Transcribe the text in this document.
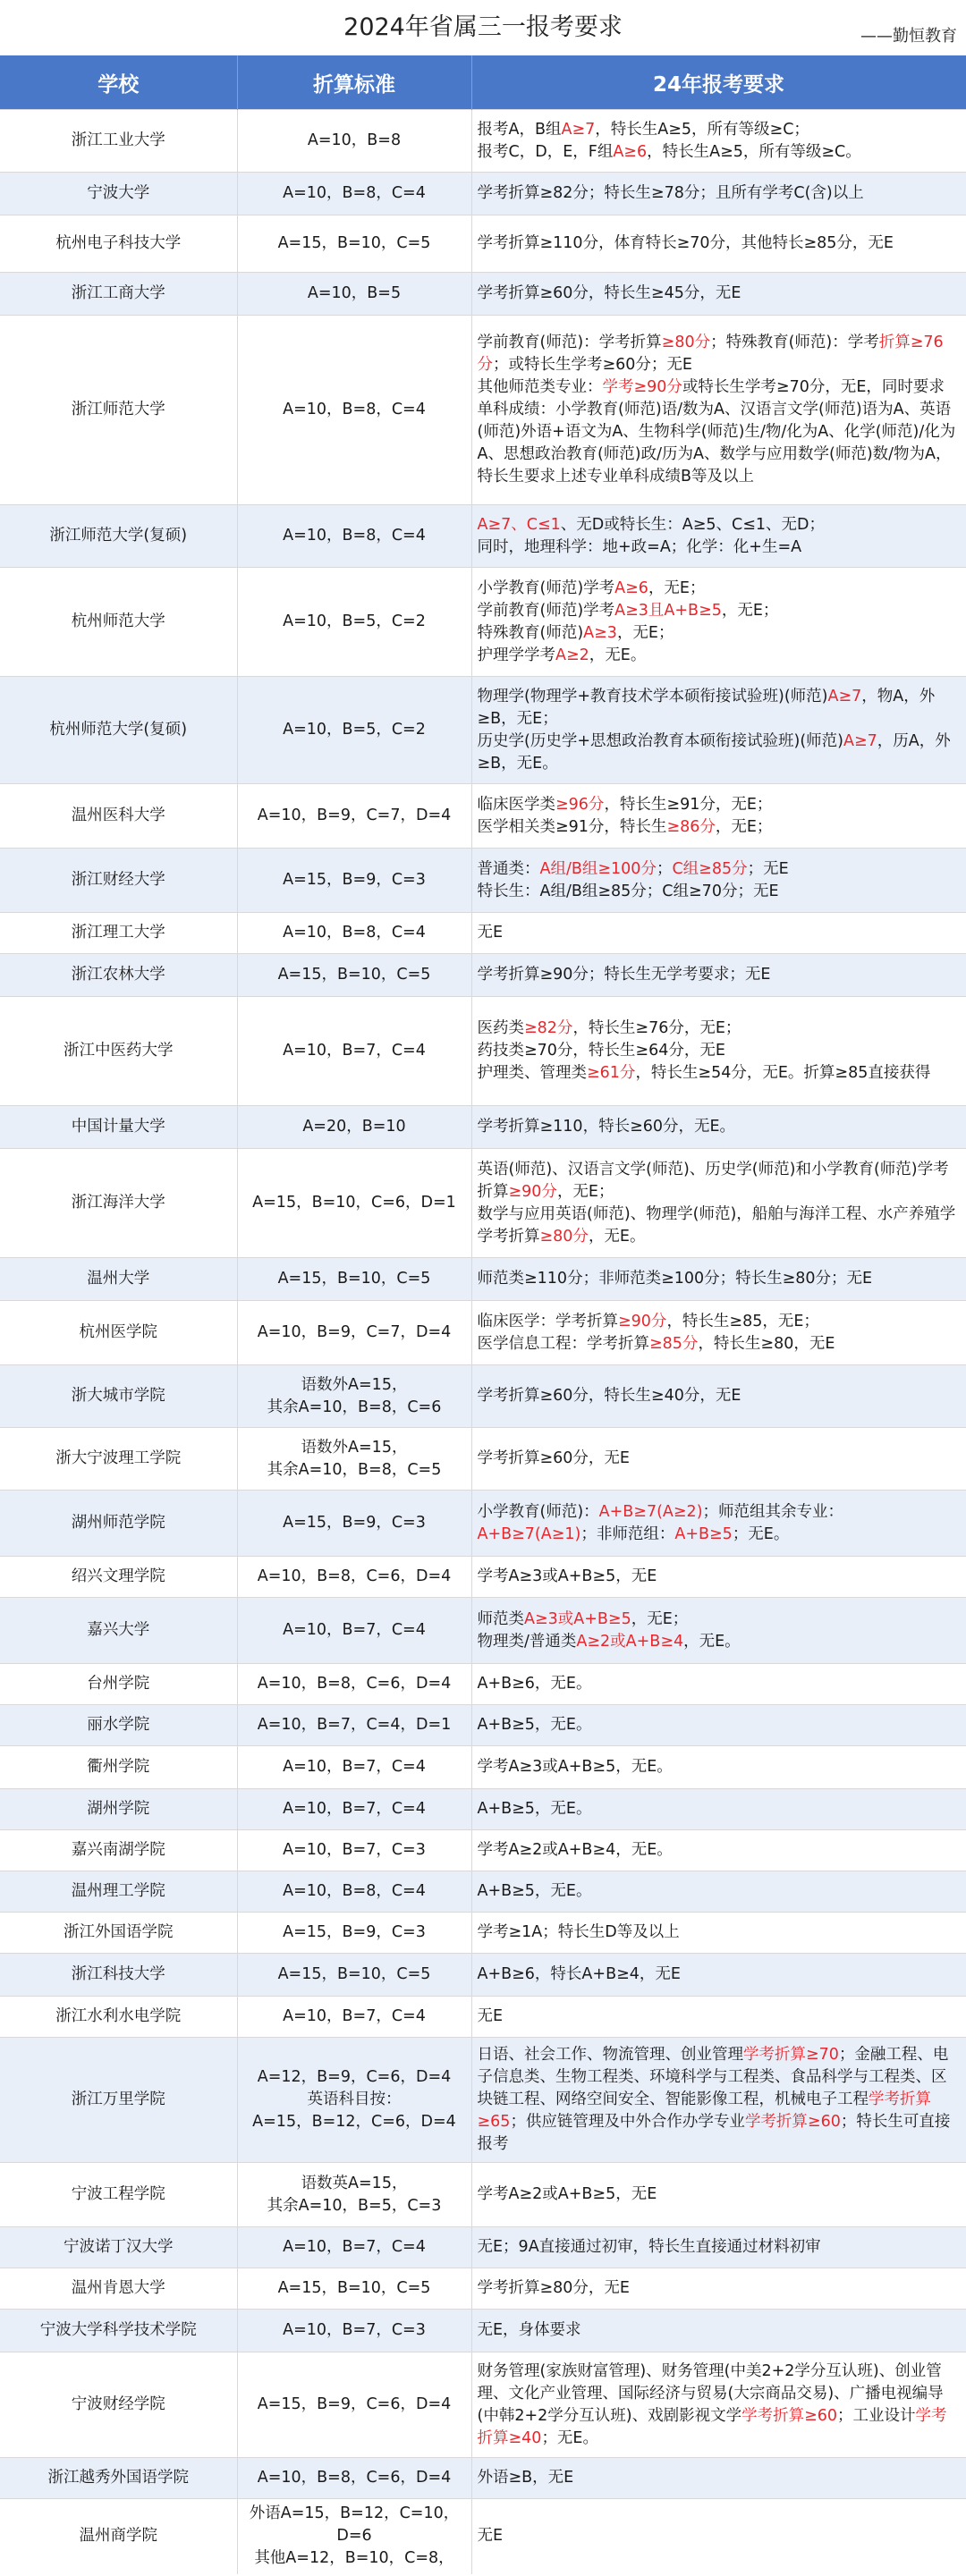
2024年省属三一报考要求	——勤恒教育
学校	折算标准	24年报考要求
浙江工业大学	A=10，B=8	报考A，B组A≥7，特长生A≥5，所有等级≥C；
报考C，D，E，F组A≥6，特长生A≥5，所有等级≥C。

宁波大学	A=10，B=8，C=4	学考折算≥82分；特长生≥78分；且所有学考C(含)以上

杭州电子科技大学	A=15，B=10，C=5	学考折算≥110分，体育特长≥70分，其他特长≥85分，无E

浙江工商大学	A=10，B=5	学考折算≥60分，特长生≥45分，无E

浙江师范大学	A=10，B=8，C=4	学前教育(师范)：学考折算≥80分；特殊教育(师范)：学考折算≥76分；或特长生学考≥60分；无E
其他师范类专业：学考≥90分或特长生学考≥70分，无E，同时要求单科成绩：小学教育(师范)语/数为A、汉语言文学(师范)语为A、英语(师范)外语+语文为A、生物科学(师范)生/物/化为A、化学(师范)/化为A、思想政治教育(师范)政/历为A、数学与应用数学(师范)数/物为A，特长生要求上述专业单科成绩B等及以上

浙江师范大学(复硕)	A=10，B=8，C=4	A≥7、C≤1、无D或特长生：A≥5、C≤1、无D；
同时，地理科学：地+政=A；化学：化+生=A

杭州师范大学	A=10，B=5，C=2	小学教育(师范)学考A≥6，无E；
学前教育(师范)学考A≥3且A+B≥5，无E；
特殊教育(师范)A≥3，无E；
护理学学考A≥2，无E。

杭州师范大学(复硕)	A=10，B=5，C=2	物理学(物理学+教育技术学本硕衔接试验班)(师范)A≥7，物A，外≥B，无E；
历史学(历史学+思想政治教育本硕衔接试验班)(师范)A≥7，历A，外≥B，无E。

温州医科大学	A=10，B=9，C=7，D=4	临床医学类≥96分，特长生≥91分，无E；
医学相关类≥91分，特长生≥86分，无E；

浙江财经大学	A=15，B=9，C=3	普通类：A组/B组≥100分；C组≥85分；无E
特长生：A组/B组≥85分；C组≥70分；无E

浙江理工大学	A=10，B=8，C=4	无E

浙江农林大学	A=15，B=10，C=5	学考折算≥90分；特长生无学考要求；无E

浙江中医药大学	A=10，B=7，C=4	医药类≥82分，特长生≥76分，无E；
药技类≥70分，特长生≥64分，无E
护理类、管理类≥61分，特长生≥54分，无E。折算≥85直接获得

中国计量大学	A=20，B=10	学考折算≥110，特长≥60分，无E。

浙江海洋大学	A=15，B=10，C=6，D=1	英语(师范)、汉语言文学(师范)、历史学(师范)和小学教育(师范)学考折算≥90分，无E；
数学与应用英语(师范)、物理学(师范)，船舶与海洋工程、水产养殖学学考折算≥80分，无E。

温州大学	A=15，B=10，C=5	师范类≥110分；非师范类≥100分；特长生≥80分；无E

杭州医学院	A=10，B=9，C=7，D=4	临床医学：学考折算≥90分，特长生≥85，无E；
医学信息工程：学考折算≥85分，特长生≥80，无E

浙大城市学院	语数外A=15，
其余A=10，B=8，C=6	学考折算≥60分，特长生≥40分，无E

浙大宁波理工学院	语数外A=15，
其余A=10，B=8，C=5	学考折算≥60分，无E

湖州师范学院	A=15，B=9，C=3	小学教育(师范)：A+B≥7(A≥2)；师范组其余专业：A+B≥7(A≥1)；非师范组：A+B≥5；无E。

绍兴文理学院	A=10，B=8，C=6，D=4	学考A≥3或A+B≥5，无E

嘉兴大学	A=10，B=7，C=4	师范类A≥3或A+B≥5，无E；
物理类/普通类A≥2或A+B≥4，无E。

台州学院	A=10，B=8，C=6，D=4	A+B≥6，无E。

丽水学院	A=10，B=7，C=4，D=1	A+B≥5，无E。

衢州学院	A=10，B=7，C=4	学考A≥3或A+B≥5，无E。

湖州学院	A=10，B=7，C=4	A+B≥5，无E。

嘉兴南湖学院	A=10，B=7，C=3	学考A≥2或A+B≥4，无E。

温州理工学院	A=10，B=8，C=4	A+B≥5，无E。

浙江外国语学院	A=15，B=9，C=3	学考≥1A；特长生D等及以上

浙江科技大学	A=15，B=10，C=5	A+B≥6，特长A+B≥4，无E

浙江水利水电学院	A=10，B=7，C=4	无E

浙江万里学院	A=12，B=9，C=6，D=4
英语科目按：
A=15，B=12，C=6，D=4	日语、社会工作、物流管理、创业管理学考折算≥70；金融工程、电子信息类、生物工程类、环境科学与工程类、食品科学与工程类、区块链工程、网络空间安全、智能影像工程，机械电子工程学考折算≥65；供应链管理及中外合作办学专业学考折算≥60；特长生可直接报考

宁波工程学院	语数英A=15，
其余A=10，B=5，C=3	学考A≥2或A+B≥5，无E

宁波诺丁汉大学	A=10，B=7，C=4	无E；9A直接通过初审，特长生直接通过材料初审

温州肯恩大学	A=15，B=10，C=5	学考折算≥80分，无E

宁波大学科学技术学院	A=10，B=7，C=3	无E，身体要求

宁波财经学院	A=15，B=9，C=6，D=4	财务管理(家族财富管理)、财务管理(中美2+2学分互认班)、创业管理、文化产业管理、国际经济与贸易(大宗商品交易)、广播电视编导(中韩2+2学分互认班)、戏剧影视文学学考折算≥60；工业设计学考折算≥40；无E。

浙江越秀外国语学院	A=10，B=8，C=6，D=4	外语≥B，无E

温州商学院	外语A=15，B=12，C=10，
D=6
其他A=12，B=10，C=8，	无E
